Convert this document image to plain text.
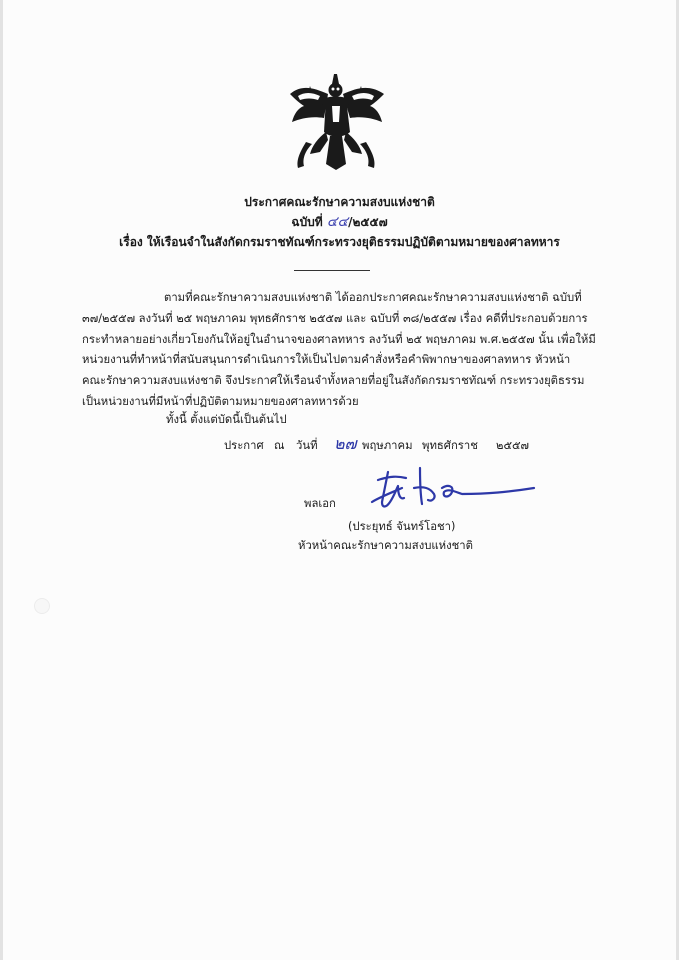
ประกาศคณะรักษาความสงบแห่งชาติ
ฉบับที่ ๔๔/๒๕๕๗
เรื่อง ให้เรือนจำในสังกัดกรมราชทัณฑ์กระทรวงยุติธรรมปฏิบัติตามหมายของศาลทหาร
ตามที่คณะรักษาความสงบแห่งชาติ ได้ออกประกาศคณะรักษาความสงบแห่งชาติ ฉบับที่
๓๗/๒๕๕๗ ลงวันที่ ๒๕ พฤษภาคม พุทธศักราช ๒๕๕๗ และ ฉบับที่ ๓๘/๒๕๕๗ เรื่อง คดีที่ประกอบด้วยการ
กระทำหลายอย่างเกี่ยวโยงกันให้อยู่ในอำนาจของศาลทหาร ลงวันที่ ๒๕ พฤษภาคม พ.ศ.๒๕๕๗ นั้น เพื่อให้มี
หน่วยงานที่ทำหน้าที่สนับสนุนการดำเนินการให้เป็นไปตามคำสั่งหรือคำพิพากษาของศาลทหาร หัวหน้า
คณะรักษาความสงบแห่งชาติ จึงประกาศให้เรือนจำทั้งหลายที่อยู่ในสังกัดกรมราชทัณฑ์ กระทรวงยุติธรรม
เป็นหน่วยงานที่มีหน้าที่ปฏิบัติตามหมายของศาลทหารด้วย
ทั้งนี้ ตั้งแต่บัดนี้เป็นต้นไป
ประกาศ ณ วันที่ ๒๗ พฤษภาคม พุทธศักราช ๒๕๕๗
พลเอก
(ประยุทธ์ จันทร์โอชา)
หัวหน้าคณะรักษาความสงบแห่งชาติ
